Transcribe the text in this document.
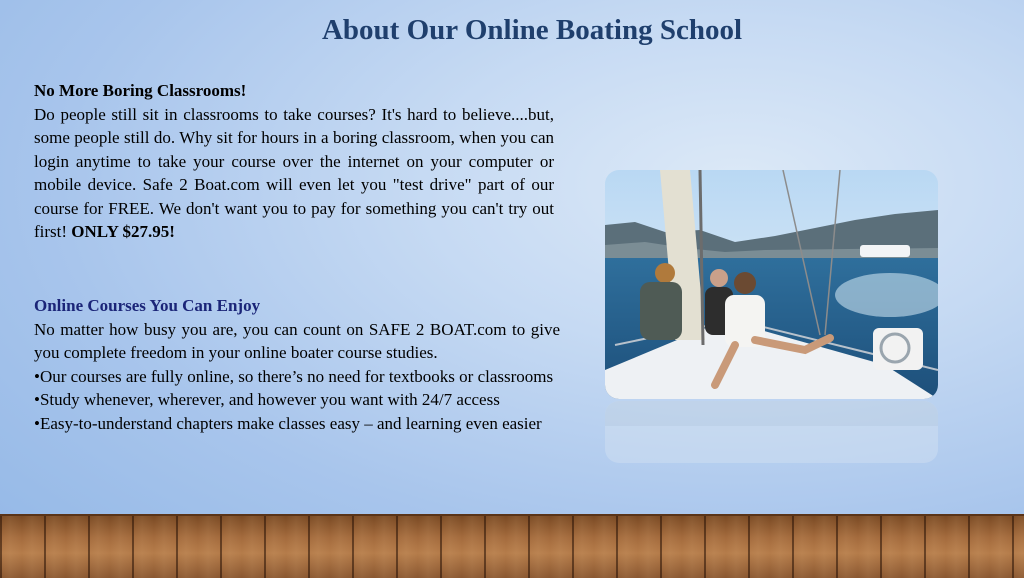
About Our Online Boating School
No More Boring Classrooms!
Do people still sit in classrooms to take courses? It's hard to believe....but, some people still do. Why sit for hours in a boring classroom, when you can login anytime to take your course over the internet on your computer or mobile device. Safe 2 Boat.com will even let you "test drive" part of our course for FREE. We don't want you to pay for something you can't try out first! ONLY $27.95!
Online Courses You Can Enjoy
No matter how busy you are, you can count on SAFE 2 BOAT.com to give you complete freedom in your online boater course studies.
•Our courses are fully online, so there’s no need for textbooks or classrooms
•Study whenever, wherever, and however you want with 24/7 access
•Easy-to-understand chapters make classes easy – and learning even easier
